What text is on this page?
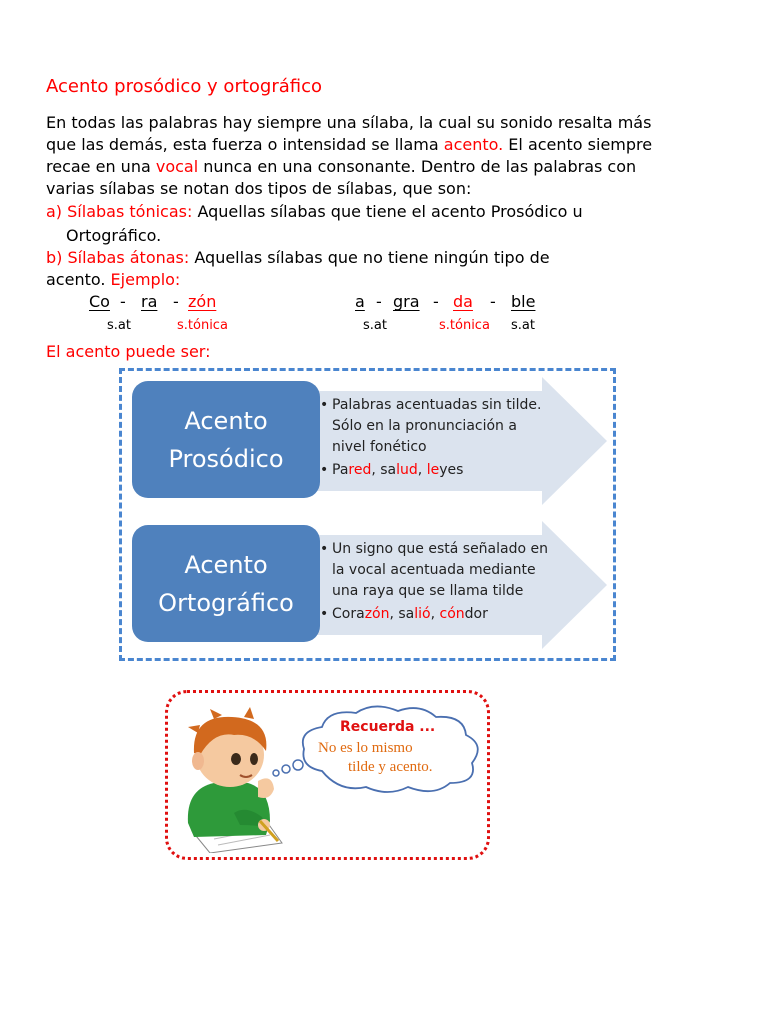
Acento prosódico y ortográfico
En todas las palabras hay siempre una sílaba, la cual su sonido resalta más
que las demás, esta fuerza o intensidad se llama acento. El acento siempre
recae en una vocal nunca en una consonante. Dentro de las palabras con
varias sílabas se notan dos tipos de sílabas, que son:
a) Sílabas tónicas: Aquellas sílabas que tiene el acento Prosódico u
Ortográfico.
b) Sílabas átonas: Aquellas sílabas que no tiene ningún tipo de
acento. Ejemplo:
Co - ra - zón
s.at	s.tónica
a - gra - da - ble
s.at	s.tónica s.at
El acento puede ser:
Acento
Prosódico
• Palabras acentuadas sin tilde. Sólo en la pronunciación a nivel fonético
• Pared, salud, leyes
Acento
Ortográfico
• Un signo que está señalado en la vocal acentuada mediante una raya que se llama tilde
• Corazón, salió, cóndor
Recuerda ...
No es lo mismo
tilde y acento.
